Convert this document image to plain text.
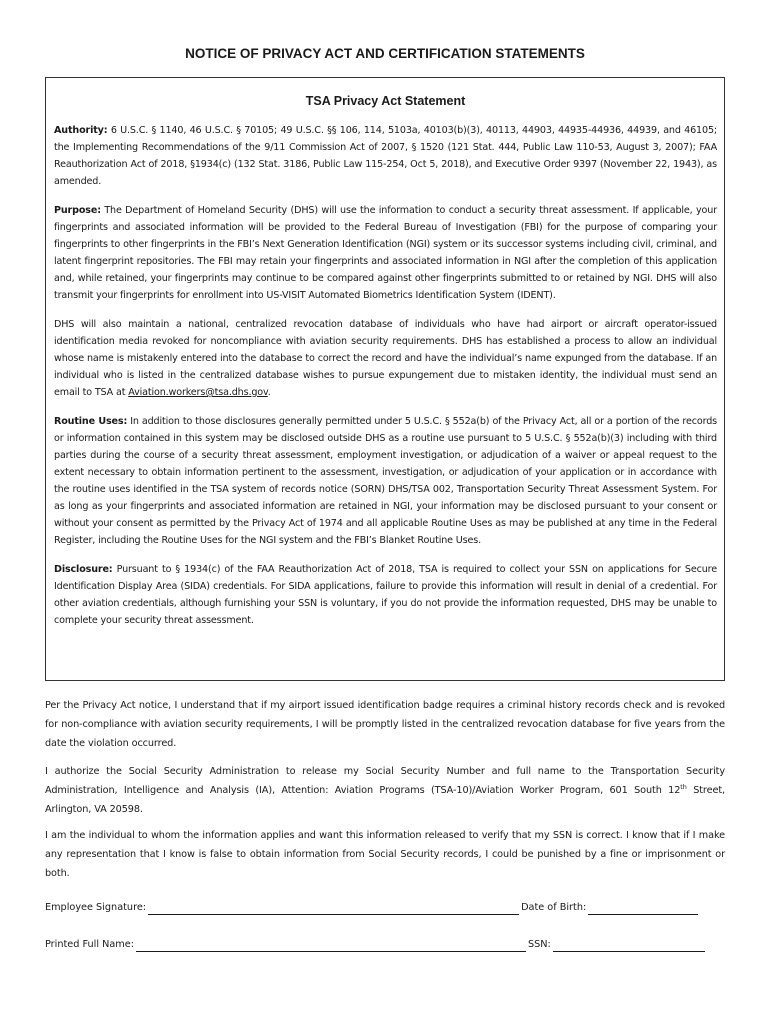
NOTICE OF PRIVACY ACT AND CERTIFICATION STATEMENTS
TSA Privacy Act Statement

Authority: 6 U.S.C. § 1140, 46 U.S.C. § 70105; 49 U.S.C. §§ 106, 114, 5103a, 40103(b)(3), 40113, 44903, 44935-44936, 44939, and 46105; the Implementing Recommendations of the 9/11 Commission Act of 2007, § 1520 (121 Stat. 444, Public Law 110-53, August 3, 2007); FAA Reauthorization Act of 2018, §1934(c) (132 Stat. 3186, Public Law 115-254, Oct 5, 2018), and Executive Order 9397 (November 22, 1943), as amended.

Purpose: The Department of Homeland Security (DHS) will use the information to conduct a security threat assessment. If applicable, your fingerprints and associated information will be provided to the Federal Bureau of Investigation (FBI) for the purpose of comparing your fingerprints to other fingerprints in the FBI’s Next Generation Identification (NGI) system or its successor systems including civil, criminal, and latent fingerprint repositories. The FBI may retain your fingerprints and associated information in NGI after the completion of this application and, while retained, your fingerprints may continue to be compared against other fingerprints submitted to or retained by NGI. DHS will also transmit your fingerprints for enrollment into US-VISIT Automated Biometrics Identification System (IDENT).

DHS will also maintain a national, centralized revocation database of individuals who have had airport or aircraft operator-issued identification media revoked for noncompliance with aviation security requirements. DHS has established a process to allow an individual whose name is mistakenly entered into the database to correct the record and have the individual’s name expunged from the database. If an individual who is listed in the centralized database wishes to pursue expungement due to mistaken identity, the individual must send an email to TSA at Aviation.workers@tsa.dhs.gov.

Routine Uses: In addition to those disclosures generally permitted under 5 U.S.C. § 552a(b) of the Privacy Act, all or a portion of the records or information contained in this system may be disclosed outside DHS as a routine use pursuant to 5 U.S.C. § 552a(b)(3) including with third parties during the course of a security threat assessment, employment investigation, or adjudication of a waiver or appeal request to the extent necessary to obtain information pertinent to the assessment, investigation, or adjudication of your application or in accordance with the routine uses identified in the TSA system of records notice (SORN) DHS/TSA 002, Transportation Security Threat Assessment System. For as long as your fingerprints and associated information are retained in NGI, your information may be disclosed pursuant to your consent or without your consent as permitted by the Privacy Act of 1974 and all applicable Routine Uses as may be published at any time in the Federal Register, including the Routine Uses for the NGI system and the FBI’s Blanket Routine Uses.

Disclosure: Pursuant to § 1934(c) of the FAA Reauthorization Act of 2018, TSA is required to collect your SSN on applications for Secure Identification Display Area (SIDA) credentials. For SIDA applications, failure to provide this information will result in denial of a credential. For other aviation credentials, although furnishing your SSN is voluntary, if you do not provide the information requested, DHS may be unable to complete your security threat assessment.

Per the Privacy Act notice, I understand that if my airport issued identification badge requires a criminal history records check and is revoked for non-compliance with aviation security requirements, I will be promptly listed in the centralized revocation database for five years from the date the violation occurred.

I authorize the Social Security Administration to release my Social Security Number and full name to the Transportation Security Administration, Intelligence and Analysis (IA), Attention: Aviation Programs (TSA-10)/Aviation Worker Program, 601 South 12th Street, Arlington, VA 20598.

I am the individual to whom the information applies and want this information released to verify that my SSN is correct. I know that if I make any representation that I know is false to obtain information from Social Security records, I could be punished by a fine or imprisonment or both.

Employee Signature:	Date of Birth:
Printed Full Name:	SSN:
